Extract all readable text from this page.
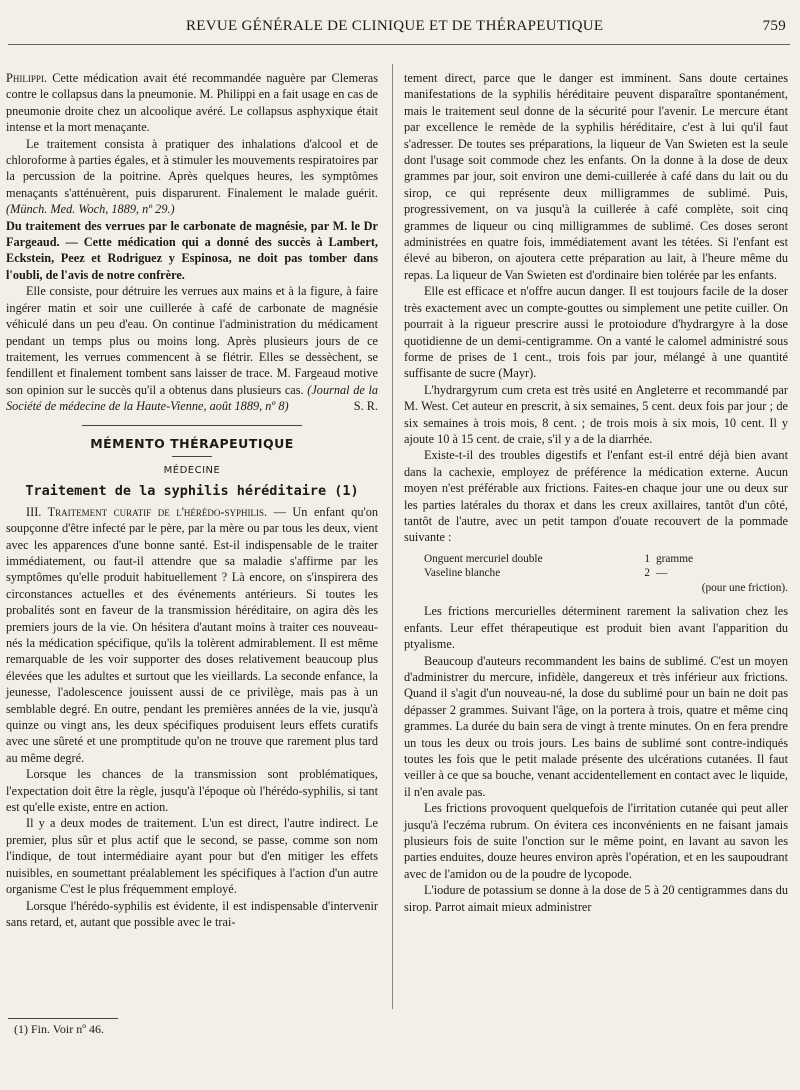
REVUE GÉNÉRALE DE CLINIQUE ET DE THÉRAPEUTIQUE	759

Philippi. Cette médication avait été recommandée naguère par Clemeras contre le collapsus dans la pneumonie. M. Philippi en a fait usage en cas de pneumonie droite chez un alcoolique avéré. Le collapsus asphyxique était intense et la mort menaçante.

Le traitement consista à pratiquer des inhalations d'alcool et de chloroforme à parties égales, et à stimuler les mouvements respiratoires par la percussion de la poitrine. Après quelques heures, les symptômes menaçants s'atténuèrent, puis disparurent. Finalement le malade guérit. (Münch. Med. Woch, 1889, nº 29.)

Du traitement des verrues par le carbonate de magnésie, par M. le Dr Fargeaud. — Cette médication qui a donné des succès à Lambert, Eckstein, Peez et Rodriguez y Espinosa, ne doit pas tomber dans l'oubli, de l'avis de notre confrère.

Elle consiste, pour détruire les verrues aux mains et à la figure, à faire ingérer matin et soir une cuillerée à café de carbonate de magnésie véhiculé dans un peu d'eau. On continue l'administration du médicament pendant un temps plus ou moins long. Après plusieurs jours de ce traitement, les verrues commencent à se flétrir. Elles se dessèchent, se fendillent et finalement tombent sans laisser de trace. M. Fargeaud motive son opinion sur le succès qu'il a obtenus dans plusieurs cas. (Journal de la Société de médecine de la Haute-Vienne, août 1889, nº 8)	S. R.

MÉMENTO THÉRAPEUTIQUE
MÉDECINE
Traitement de la syphilis héréditaire (1)

III. Traitement curatif de l'hérédo-syphilis. — Un enfant qu'on soupçonne d'être infecté par le père, par la mère ou par tous les deux, vient avec les apparences d'une bonne santé. Est-il indispensable de le traiter immédiatement, ou faut-il attendre que sa maladie s'affirme par les symptômes qu'elle produit habituellement ? Là encore, on s'inspirera des circonstances actuelles et des événements antérieurs. Si toutes les probalités sont en faveur de la transmission héréditaire, on agira dès les premiers jours de la vie. On hésitera d'autant moins à traiter ces nouveau-nés la médication spécifique, qu'ils la tolèrent admirablement. Il est même remarquable de les voir supporter des doses relativement beaucoup plus élevées que les adultes et surtout que les vieillards. La seconde enfance, la jeunesse, l'adolescence jouissent aussi de ce privilège, mais pas à un semblable degré. En outre, pendant les premières années de la vie, jusqu'à quinze ou vingt ans, les deux spécifiques produisent leurs effets curatifs avec une sûreté et une promptitude qu'on ne trouve que rarement plus tard au même degré.

Lorsque les chances de la transmission sont problématiques, l'expectation doit être la règle, jusqu'à l'époque où l'hérédo-syphilis, si tant est qu'elle existe, entre en action.

Il y a deux modes de traitement. L'un est direct, l'autre indirect. Le premier, plus sûr et plus actif que le second, se passe, comme son nom l'indique, de tout intermédiaire ayant pour but d'en mitiger les effets nuisibles, en soumettant préalablement les spécifiques à l'action d'un autre organisme C'est le plus fréquemment employé.

Lorsque l'hérédo-syphilis est évidente, il est indispensable d'intervenir sans retard, et, autant que possible avec le trai-

tement direct, parce que le danger est imminent. Sans doute certaines manifestations de la syphilis héréditaire peuvent disparaître spontanément, mais le traitement seul donne de la sécurité pour l'avenir. Le mercure étant par excellence le remède de la syphilis héréditaire, c'est à lui qu'il faut s'adresser. De toutes ses préparations, la liqueur de Van Swieten est la seule dont l'usage soit commode chez les enfants. On la donne à la dose de deux grammes par jour, soit environ une demi-cuillerée à café dans du lait ou du sirop, ce qui représente deux milligrammes de sublimé. Puis, progressivement, on va jusqu'à la cuillerée à café complète, soit cinq grammes de liqueur ou cinq milligrammes de sublimé. Ces doses seront administrées en quatre fois, immédiatement avant les tétées. Si l'enfant est élevé au biberon, on ajoutera cette préparation au lait, à l'heure même du repas. La liqueur de Van Swieten est d'ordinaire bien tolérée par les enfants.

Elle est efficace et n'offre aucun danger. Il est toujours facile de la doser très exactement avec un compte-gouttes ou simplement une petite cuiller. On pourrait à la rigueur prescrire aussi le protoiodure d'hydrargyre à la dose quotidienne de un demi-centigramme. On a vanté le calomel administré sous forme de prises de 1 cent., trois fois par jour, mélangé à une quantité suffisante de sucre (Mayr).

L'hydrargyrum cum creta est très usité en Angleterre et recommandé par M. West. Cet auteur en prescrit, à six semaines, 5 cent. deux fois par jour ; de six semaines à trois mois, 8 cent. ; de trois mois à six mois, 10 cent. Il y ajoute 10 à 15 cent. de craie, s'il y a de la diarrhée.

Existe-t-il des troubles digestifs et l'enfant est-il entré déjà bien avant dans la cachexie, employez de préférence la médication externe. Aucun moyen n'est préférable aux frictions. Faites-en chaque jour une ou deux sur les parties latérales du thorax et dans les creux axillaires, tantôt d'un côté, tantôt de l'autre, avec un petit tampon d'ouate recouvert de la pommade suivante :

Onguent mercuriel double	1 gramme
Vaseline blanche	2 —
(pour une friction).

Les frictions mercurielles déterminent rarement la salivation chez les enfants. Leur effet thérapeutique est produit bien avant l'apparition du ptyalisme.

Beaucoup d'auteurs recommandent les bains de sublimé. C'est un moyen d'administrer du mercure, infidèle, dangereux et très inférieur aux frictions. Quand il s'agit d'un nouveau-né, la dose du sublimé pour un bain ne doit pas dépasser 2 grammes. Suivant l'âge, on la portera à trois, quatre et même cinq grammes. La durée du bain sera de vingt à trente minutes. On en fera prendre un tous les deux ou trois jours. Les bains de sublimé sont contre-indiqués toutes les fois que le petit malade présente des ulcérations cutanées. Il faut veiller à ce que sa bouche, venant accidentellement en contact avec le liquide, il n'en avale pas.

Les frictions provoquent quelquefois de l'irritation cutanée qui peut aller jusqu'à l'eczéma rubrum. On évitera ces inconvénients en ne faisant jamais plusieurs fois de suite l'onction sur le même point, en lavant au savon les parties enduites, douze heures environ après l'opération, et en les saupoudrant avec de l'amidon ou de la poudre de lycopode.

L'iodure de potassium se donne à la dose de 5 à 20 centigrammes dans du sirop. Parrot aimait mieux administrer

(1) Fin. Voir nº 46.
